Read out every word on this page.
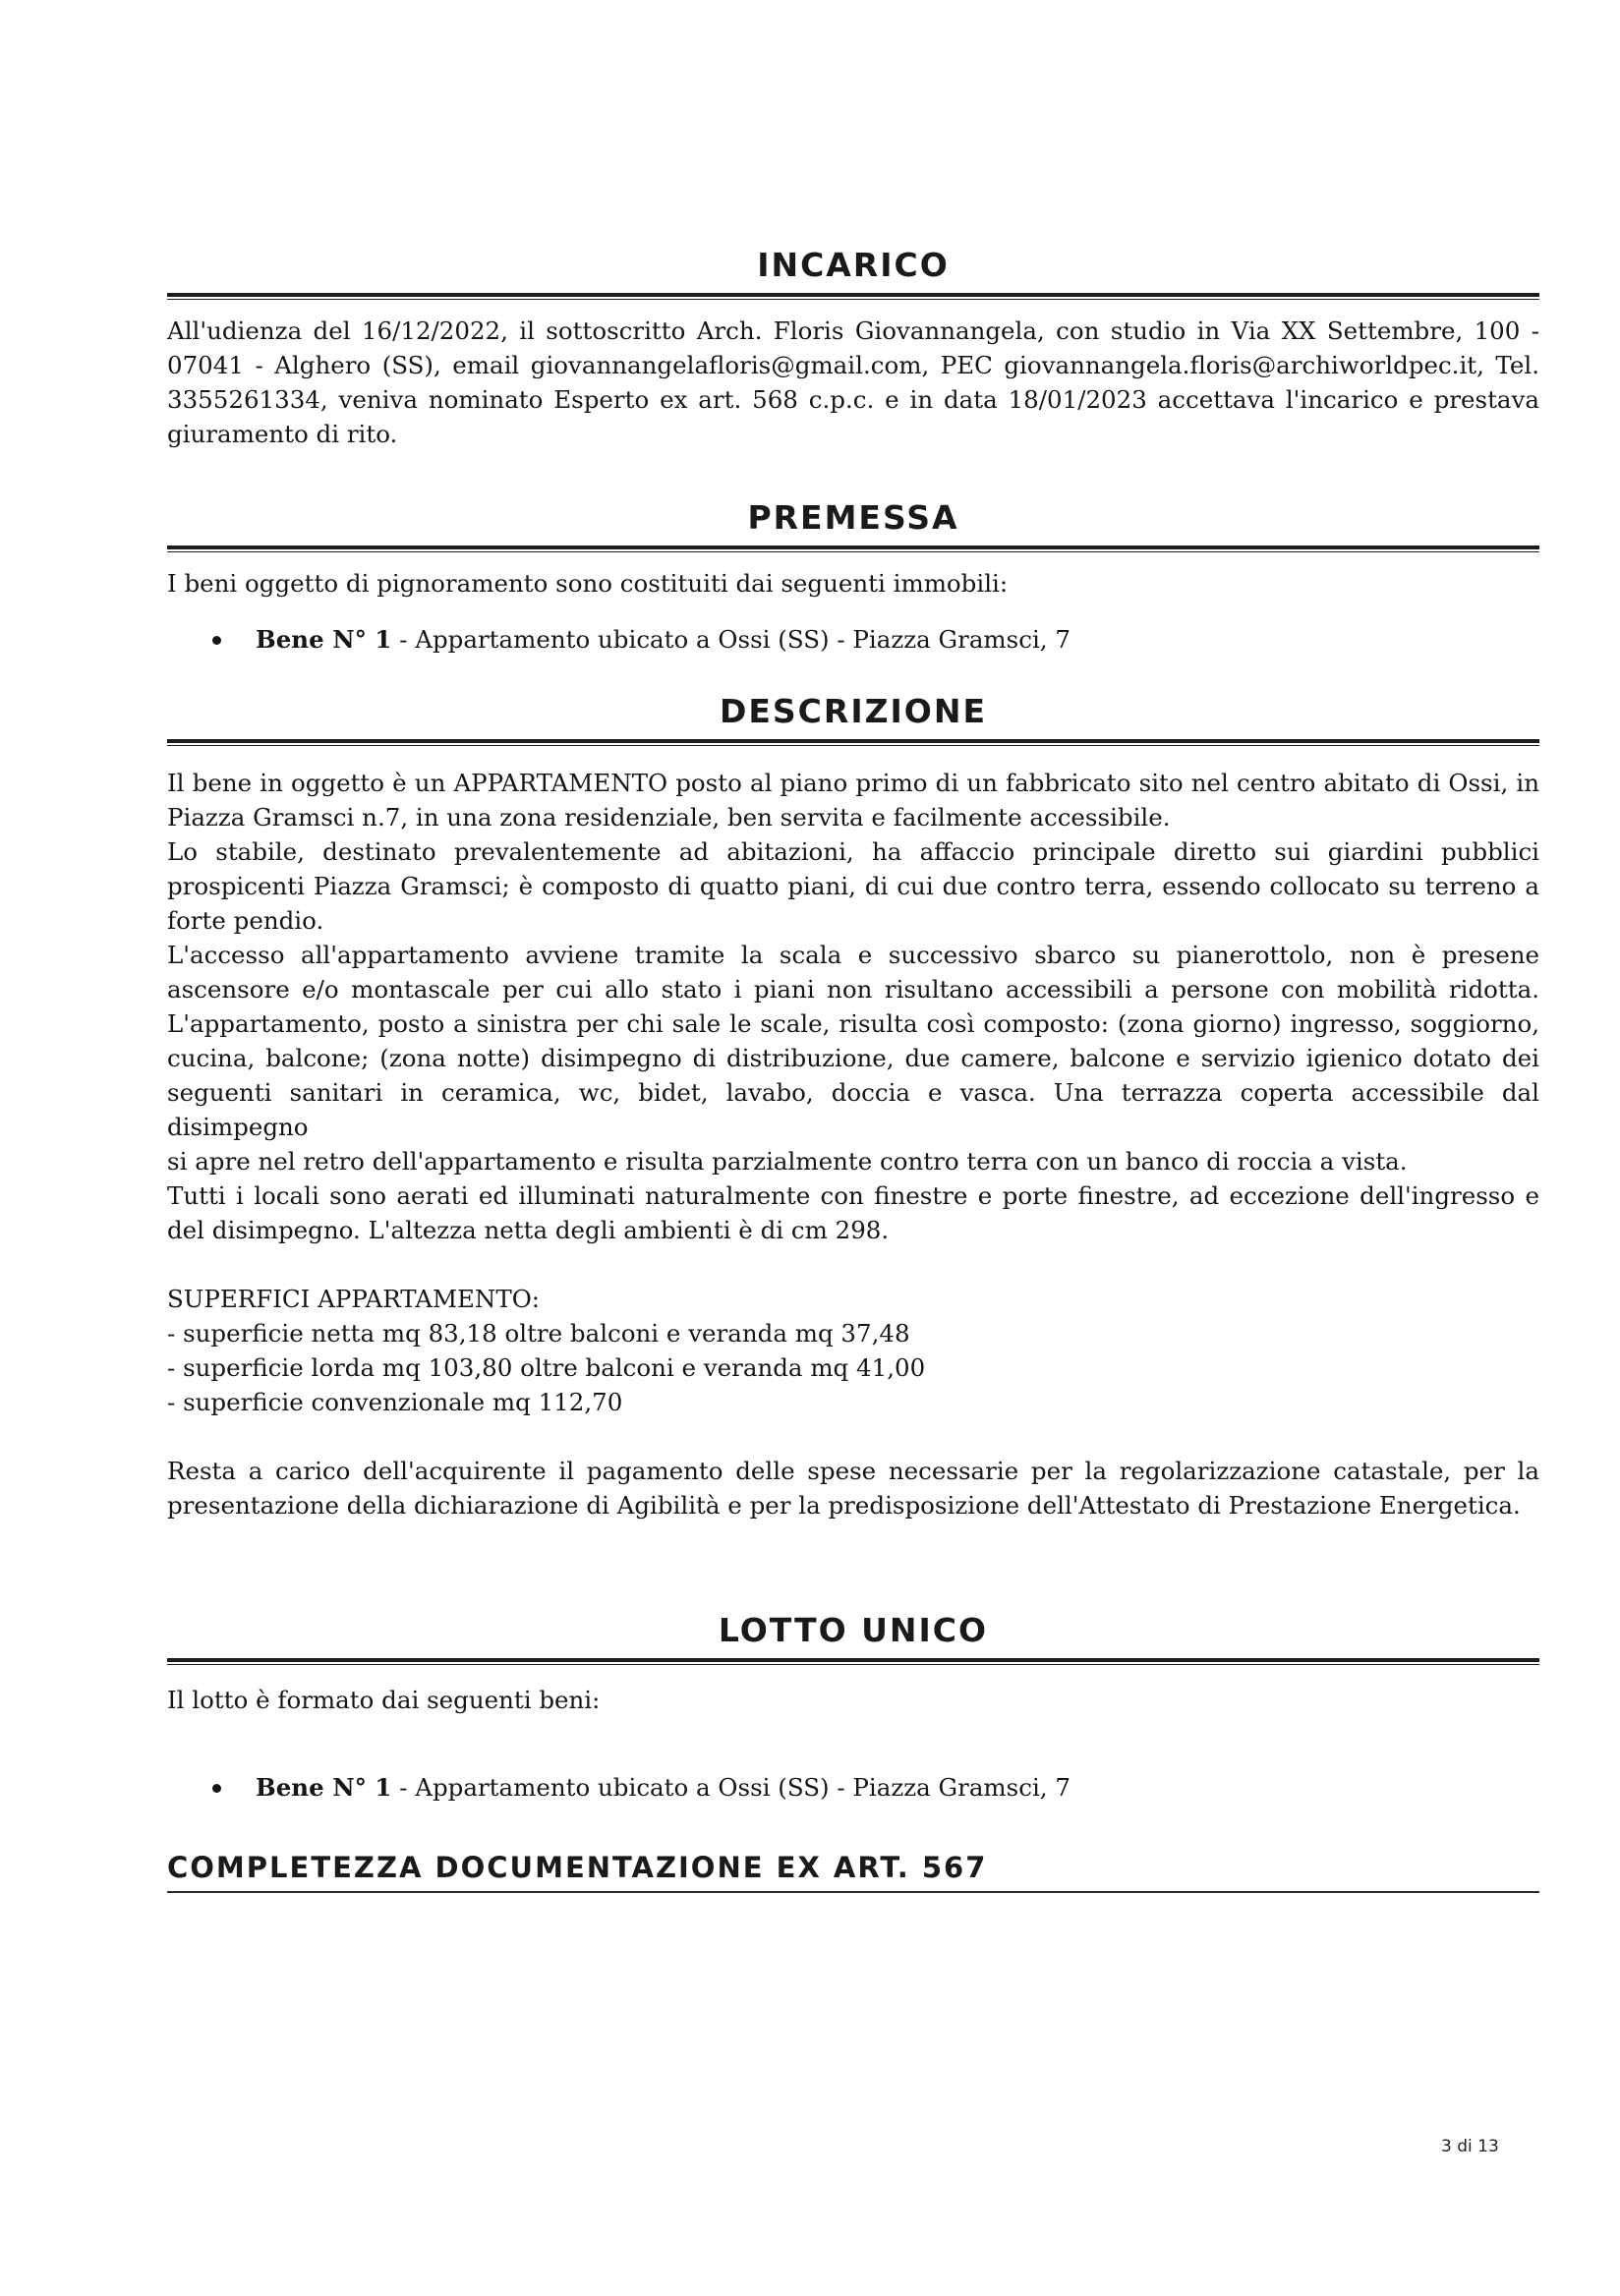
INCARICO

All'udienza del 16/12/2022, il sottoscritto Arch. Floris Giovannangela, con studio in Via XX Settembre, 100 -
07041 - Alghero (SS), email giovannangelafloris@gmail.com, PEC giovannangela.floris@archiworldpec.it, Tel.
3355261334, veniva nominato Esperto ex art. 568 c.p.c. e in data 18/01/2023 accettava l'incarico e prestava
giuramento di rito.

PREMESSA
I beni oggetto di pignoramento sono costituiti dai seguenti immobili:
Bene N° 1 - Appartamento ubicato a Ossi (SS) - Piazza Gramsci, 7
DESCRIZIONE

Il bene in oggetto è un APPARTAMENTO posto al piano primo di un fabbricato sito nel centro abitato di Ossi, in
Piazza Gramsci n.7, in una zona residenziale, ben servita e facilmente accessibile.
Lo stabile, destinato prevalentemente ad abitazioni, ha affaccio principale diretto sui giardini pubblici
prospicenti Piazza Gramsci; è composto di quatto piani, di cui due contro terra, essendo collocato su terreno a
forte pendio.
L'accesso all'appartamento avviene tramite la scala e successivo sbarco su pianerottolo, non è presene
ascensore e/o montascale per cui allo stato i piani non risultano accessibili a persone con mobilità ridotta.
L'appartamento, posto a sinistra per chi sale le scale, risulta così composto: (zona giorno) ingresso, soggiorno,
cucina, balcone; (zona notte) disimpegno di distribuzione, due camere, balcone e servizio igienico dotato dei
seguenti sanitari in ceramica, wc, bidet, lavabo, doccia e vasca. Una terrazza coperta accessibile dal disimpegno
si apre nel retro dell'appartamento e risulta parzialmente contro terra con un banco di roccia a vista.
Tutti i locali sono aerati ed illuminati naturalmente con finestre e porte finestre, ad eccezione dell'ingresso e
del disimpegno. L'altezza netta degli ambienti è di cm 298.

SUPERFICI APPARTAMENTO:
- superficie netta mq 83,18 oltre balconi e veranda mq 37,48
- superficie lorda mq 103,80 oltre balconi e veranda mq 41,00
- superficie convenzionale mq 112,70

Resta a carico dell'acquirente il pagamento delle spese necessarie per la regolarizzazione catastale, per la
presentazione della dichiarazione di Agibilità e per la predisposizione dell'Attestato di Prestazione Energetica.

LOTTO UNICO
Il lotto è formato dai seguenti beni:
Bene N° 1 - Appartamento ubicato a Ossi (SS) - Piazza Gramsci, 7
COMPLETEZZA DOCUMENTAZIONE EX ART. 567
3 di 13
